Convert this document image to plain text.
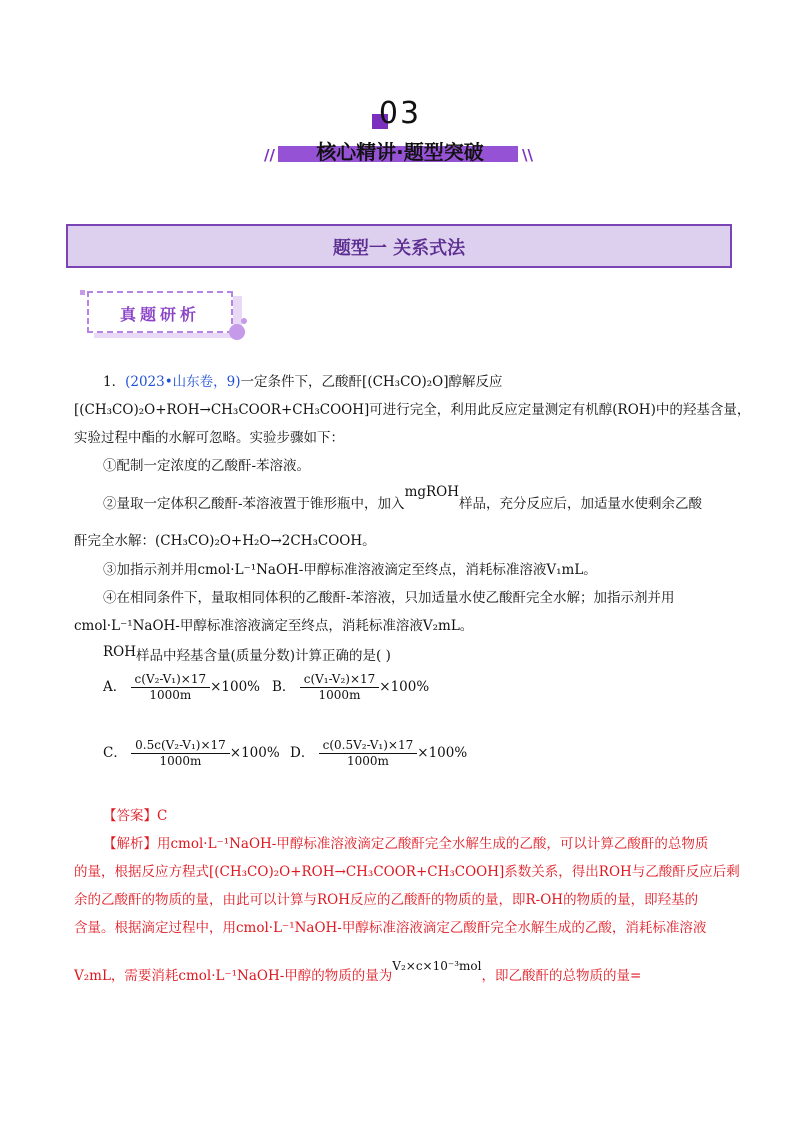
03
//	核心精讲·题型突破	\\
题型一 关系式法
真题研析
1．(2023•山东卷，9)一定条件下，乙酸酐[(CH₃CO)₂O]醇解反应
[(CH₃CO)₂O+ROH→CH₃COOR+CH₃COOH]可进行完全，利用此反应定量测定有机醇(ROH)中的羟基含量，
实验过程中酯的水解可忽略。实验步骤如下：
①配制一定浓度的乙酸酐-苯溶液。
②量取一定体积乙酸酐-苯溶液置于锥形瓶中，加入mgROH样品，充分反应后，加适量水使剩余乙酸
酐完全水解：(CH₃CO)₂O+H₂O→2CH₃COOH。
③加指示剂并用cmol·L⁻¹NaOH-甲醇标准溶液滴定至终点，消耗标准溶液V₁mL。
④在相同条件下，量取相同体积的乙酸酐-苯溶液，只加适量水使乙酸酐完全水解；加指示剂并用
cmol·L⁻¹NaOH-甲醇标准溶液滴定至终点，消耗标准溶液V₂mL。
ROH样品中羟基含量(质量分数)计算正确的是( )
A． $\frac{\text{c(V₂-V₁)×17}}{1000m} \times 100\%$ B． $\frac{\text{c(V₁-V₂)×17}}{1000m} \times 100\%$
C． $\frac{\text{0.5c(V₂-V₁)×17}}{1000m} \times 100\%$ D． $\frac{\text{c(0.5V₂-V₁)×17}}{1000m} \times 100\%$
【答案】C
【解析】用cmol·L⁻¹NaOH-甲醇标准溶液滴定乙酸酐完全水解生成的乙酸，可以计算乙酸酐的总物质
的量，根据反应方程式[(CH₃CO)₂O+ROH→CH₃COOR+CH₃COOH]系数关系，得出ROH与乙酸酐反应后剩
余的乙酸酐的物质的量，由此可以计算与ROH反应的乙酸酐的物质的量，即R-OH的物质的量，即羟基的
含量。根据滴定过程中，用cmol·L⁻¹NaOH-甲醇标准溶液滴定乙酸酐完全水解生成的乙酸，消耗标准溶液
V₂mL，需要消耗cmol·L⁻¹NaOH-甲醇的物质的量为V₂×c×10⁻³mol，即乙酸酐的总物质的量=
